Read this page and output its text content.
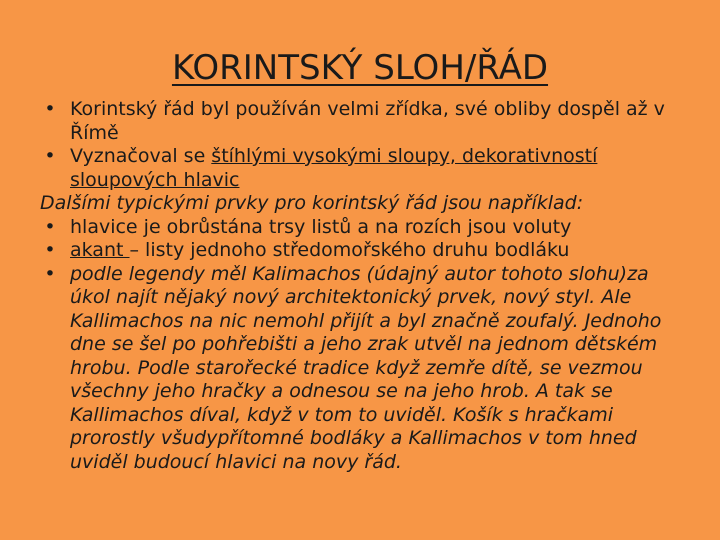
KORINTSKÝ SLOH/ŘÁD
• Korintský řád byl používán velmi zřídka, své obliby dospěl až v Římě
• Vyznačoval se štíhlými vysokými sloupy, dekorativností sloupových hlavic
Dalšími typickými prvky pro korintský řád jsou například:
• hlavice je obrůstána trsy listů a na rozích jsou voluty
• akant – listy jednoho středomořského druhu bodláku
• podle legendy měl Kalimachos (údajný autor tohoto slohu)za úkol najít nějaký nový architektonický prvek, nový styl. Ale Kallimachos na nic nemohl přijít a byl značně zoufalý. Jednoho dne se šel po pohřebišti a jeho zrak utvěl na jednom dětském hrobu. Podle starořecké tradice když zemře dítě, se vezmou všechny jeho hračky a odnesou se na jeho hrob. A tak se Kallimachos díval, když v tom to uviděl. Košík s hračkami prorostly všudypřítomné bodláky a Kallimachos v tom hned uviděl budoucí hlavici na novy řád.
